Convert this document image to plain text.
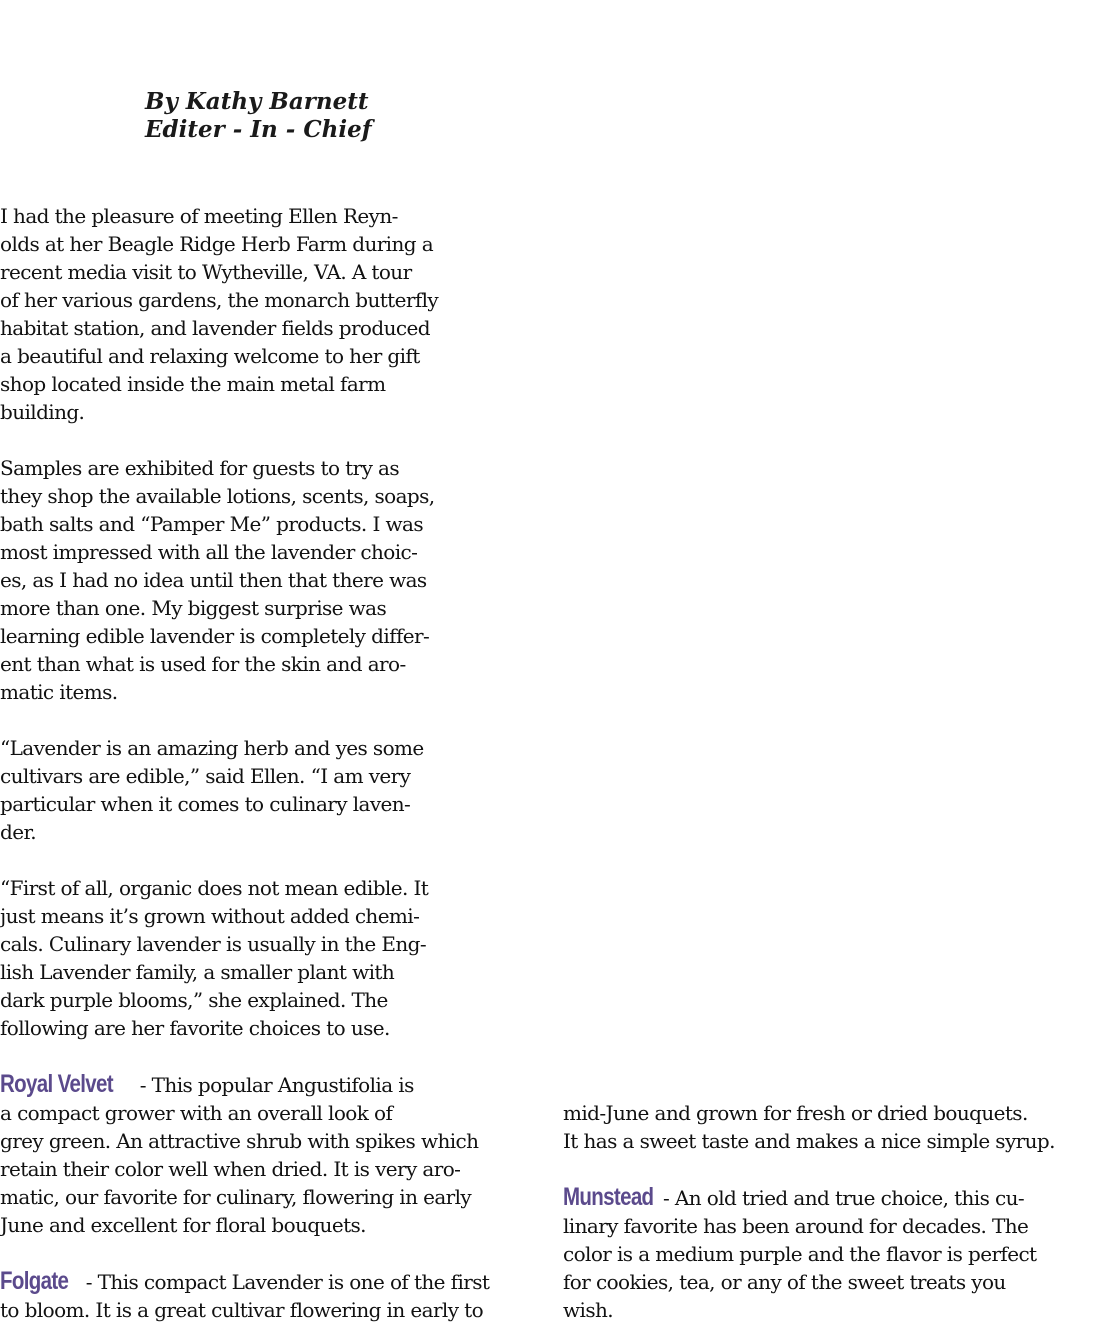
By Kathy Barnett
Editer - In - Chief
I had the pleasure of meeting Ellen Reyn-
olds at her Beagle Ridge Herb Farm during a
recent media visit to Wytheville, VA. A tour
of her various gardens, the monarch butterfly
habitat station, and lavender fields produced
a beautiful and relaxing welcome to her gift
shop located inside the main metal farm
building.
Samples are exhibited for guests to try as
they shop the available lotions, scents, soaps,
bath salts and “Pamper Me” products. I was
most impressed with all the lavender choic-
es, as I had no idea until then that there was
more than one. My biggest surprise was
learning edible lavender is completely differ-
ent than what is used for the skin and aro-
matic items.
“Lavender is an amazing herb and yes some
cultivars are edible,” said Ellen. “I am very
particular when it comes to culinary laven-
der.
“First of all, organic does not mean edible. It
just means it’s grown without added chemi-
cals. Culinary lavender is usually in the Eng-
lish Lavender family, a smaller plant with
dark purple blooms,” she explained. The
following are her favorite choices to use.
Royal Velvet - This popular Angustifolia is
a compact grower with an overall look of
grey green. An attractive shrub with spikes which
retain their color well when dried. It is very aro-
matic, our favorite for culinary, flowering in early
June and excellent for floral bouquets.
Folgate - This compact Lavender is one of the first
to bloom. It is a great cultivar flowering in early to
mid-June and grown for fresh or dried bouquets.
It has a sweet taste and makes a nice simple syrup.
Munstead - An old tried and true choice, this cu-
linary favorite has been around for decades. The
color is a medium purple and the flavor is perfect
for cookies, tea, or any of the sweet treats you
wish.
